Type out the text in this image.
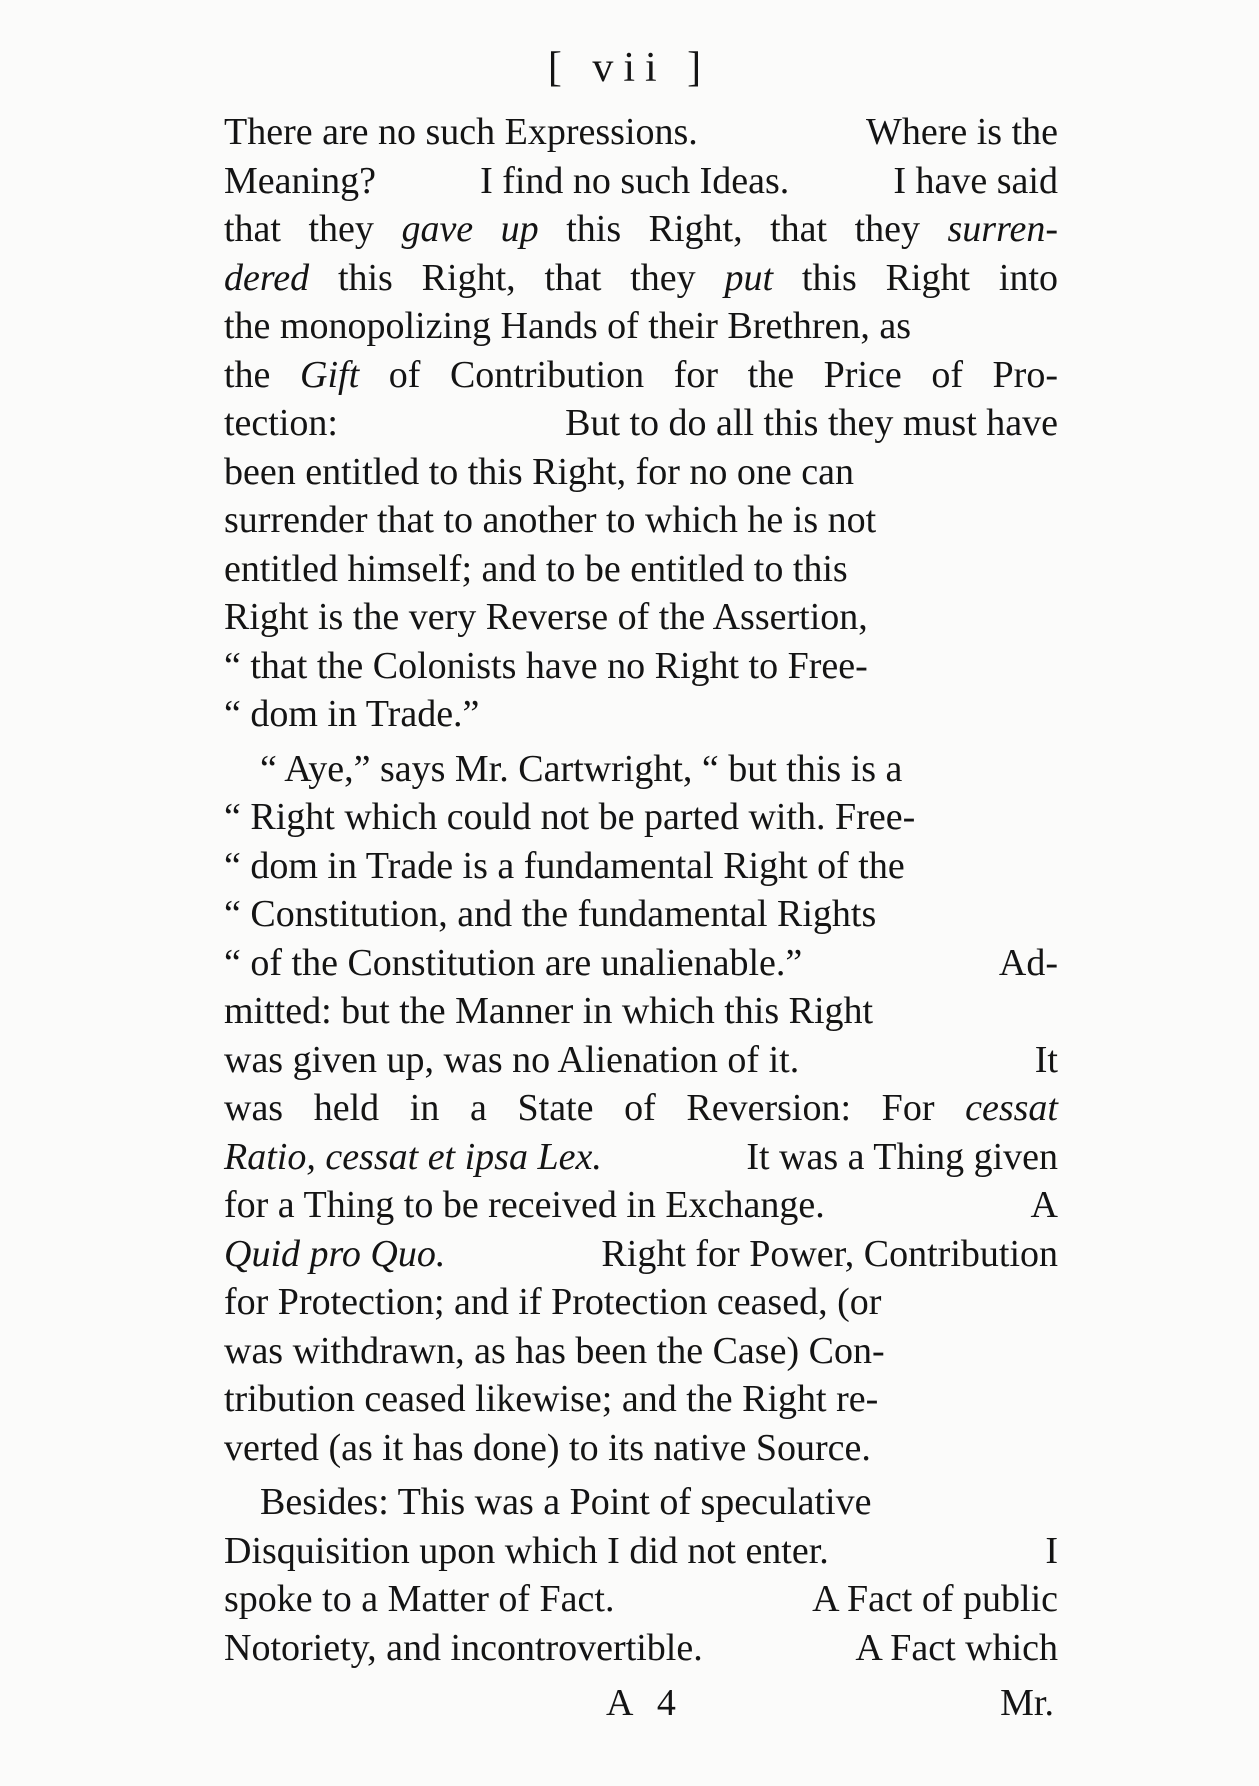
[ vii ]
There are no such Expressions.	Where is the
Meaning?	I find no such Ideas.	I have said
that they gave up this Right, that they surren-
dered this Right, that they put this Right into
the monopolizing Hands of their Brethren, as
the Gift of Contribution for the Price of Pro-
tection:	But to do all this they must have
been entitled to this Right, for no one can
surrender that to another to which he is not
entitled himself; and to be entitled to this
Right is the very Reverse of the Assertion,
“ that the Colonists have no Right to Free-
“ dom in Trade.”
“ Aye,” says Mr. Cartwright, “ but this is a
“ Right which could not be parted with. Free-
“ dom in Trade is a fundamental Right of the
“ Constitution, and the fundamental Rights
“ of the Constitution are unalienable.”	Ad-
mitted: but the Manner in which this Right
was given up, was no Alienation of it.	It
was held in a State of Reversion: For cessat
Ratio, cessat et ipsa Lex.	It was a Thing given
for a Thing to be received in Exchange.	A
Quid pro Quo.	Right for Power, Contribution
for Protection; and if Protection ceased, (or
was withdrawn, as has been the Case) Con-
tribution ceased likewise; and the Right re-
verted (as it has done) to its native Source.
Besides: This was a Point of speculative
Disquisition upon which I did not enter.	I
spoke to a Matter of Fact.	A Fact of public
Notoriety, and incontrovertible.	A Fact which
A 4	Mr.
